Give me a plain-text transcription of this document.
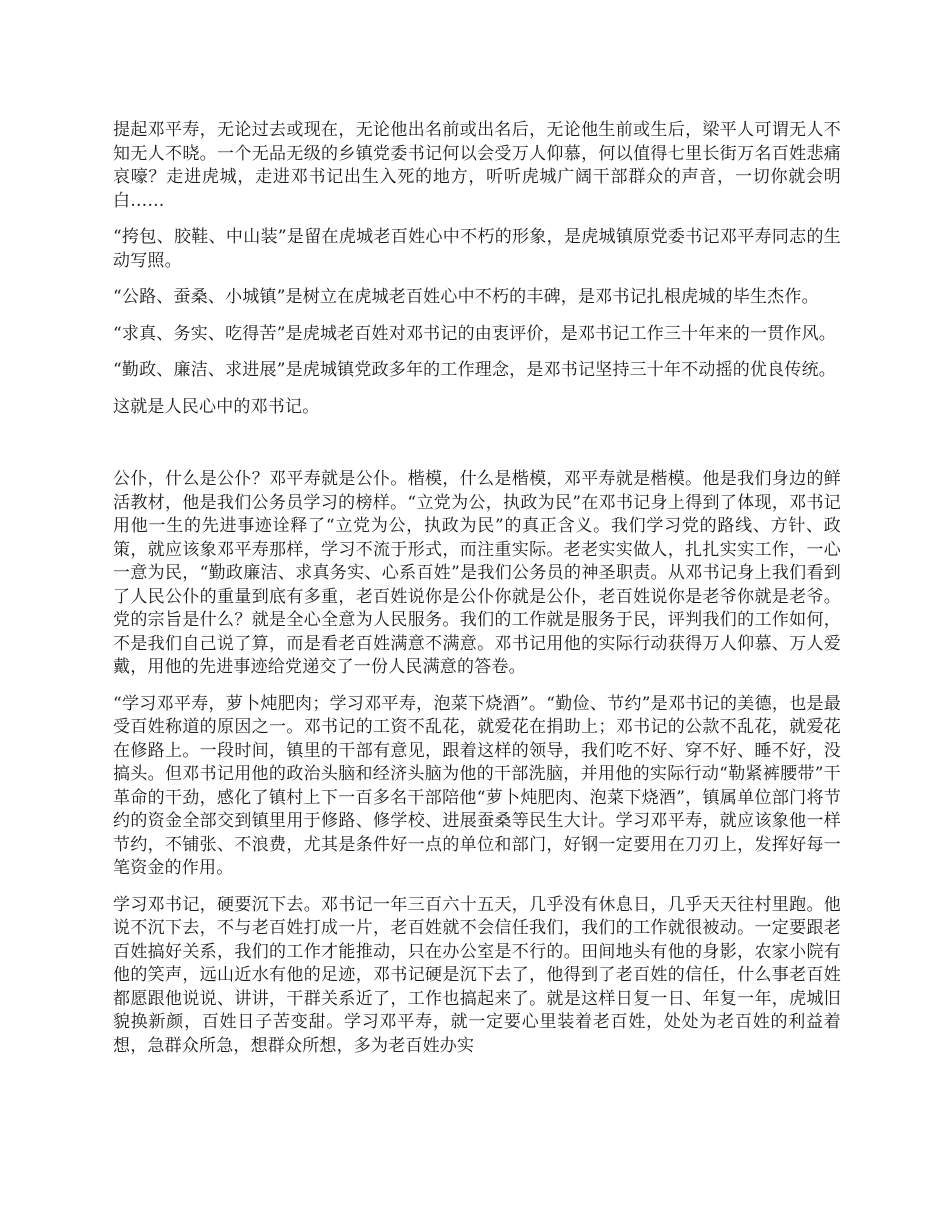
提起邓平寿，无论过去或现在，无论他出名前或出名后，无论他生前或生后，梁平人可谓无人不知无人不晓。一个无品无级的乡镇党委书记何以会受万人仰慕，何以值得七里长街万名百姓悲痛哀嚎？走进虎城，走进邓书记出生入死的地方，听听虎城广阔干部群众的声音，一切你就会明白……

“挎包、胶鞋、中山装”是留在虎城老百姓心中不朽的形象，是虎城镇原党委书记邓平寿同志的生动写照。

“公路、蚕桑、小城镇”是树立在虎城老百姓心中不朽的丰碑，是邓书记扎根虎城的毕生杰作。

“求真、务实、吃得苦”是虎城老百姓对邓书记的由衷评价，是邓书记工作三十年来的一贯作风。

“勤政、廉洁、求进展”是虎城镇党政多年的工作理念，是邓书记坚持三十年不动摇的优良传统。

这就是人民心中的邓书记。

公仆，什么是公仆？邓平寿就是公仆。楷模，什么是楷模，邓平寿就是楷模。他是我们身边的鲜活教材，他是我们公务员学习的榜样。“立党为公，执政为民”在邓书记身上得到了体现，邓书记用他一生的先进事迹诠释了“立党为公，执政为民”的真正含义。我们学习党的路线、方针、政策，就应该象邓平寿那样，学习不流于形式，而注重实际。老老实实做人，扎扎实实工作，一心一意为民，“勤政廉洁、求真务实、心系百姓”是我们公务员的神圣职责。从邓书记身上我们看到了人民公仆的重量到底有多重，老百姓说你是公仆你就是公仆，老百姓说你是老爷你就是老爷。党的宗旨是什么？就是全心全意为人民服务。我们的工作就是服务于民，评判我们的工作如何，不是我们自己说了算，而是看老百姓满意不满意。邓书记用他的实际行动获得万人仰慕、万人爱戴，用他的先进事迹给党递交了一份人民满意的答卷。

“学习邓平寿，萝卜炖肥肉；学习邓平寿，泡菜下烧酒”。“勤俭、节约”是邓书记的美德，也是最受百姓称道的原因之一。邓书记的工资不乱花，就爱花在捐助上；邓书记的公款不乱花，就爱花在修路上。一段时间，镇里的干部有意见，跟着这样的领导，我们吃不好、穿不好、睡不好，没搞头。但邓书记用他的政治头脑和经济头脑为他的干部洗脑，并用他的实际行动“勒紧裤腰带”干革命的干劲，感化了镇村上下一百多名干部陪他“萝卜炖肥肉、泡菜下烧酒”，镇属单位部门将节约的资金全部交到镇里用于修路、修学校、进展蚕桑等民生大计。学习邓平寿，就应该象他一样节约，不铺张、不浪费，尤其是条件好一点的单位和部门，好钢一定要用在刀刃上，发挥好每一笔资金的作用。

学习邓书记，硬要沉下去。邓书记一年三百六十五天，几乎没有休息日，几乎天天往村里跑。他说不沉下去，不与老百姓打成一片，老百姓就不会信任我们，我们的工作就很被动。一定要跟老百姓搞好关系，我们的工作才能推动，只在办公室是不行的。田间地头有他的身影，农家小院有他的笑声，远山近水有他的足迹，邓书记硬是沉下去了，他得到了老百姓的信任，什么事老百姓都愿跟他说说、讲讲，干群关系近了，工作也搞起来了。就是这样日复一日、年复一年，虎城旧貌换新颜，百姓日子苦变甜。学习邓平寿，就一定要心里装着老百姓，处处为老百姓的利益着想，急群众所急，想群众所想，多为老百姓办实
